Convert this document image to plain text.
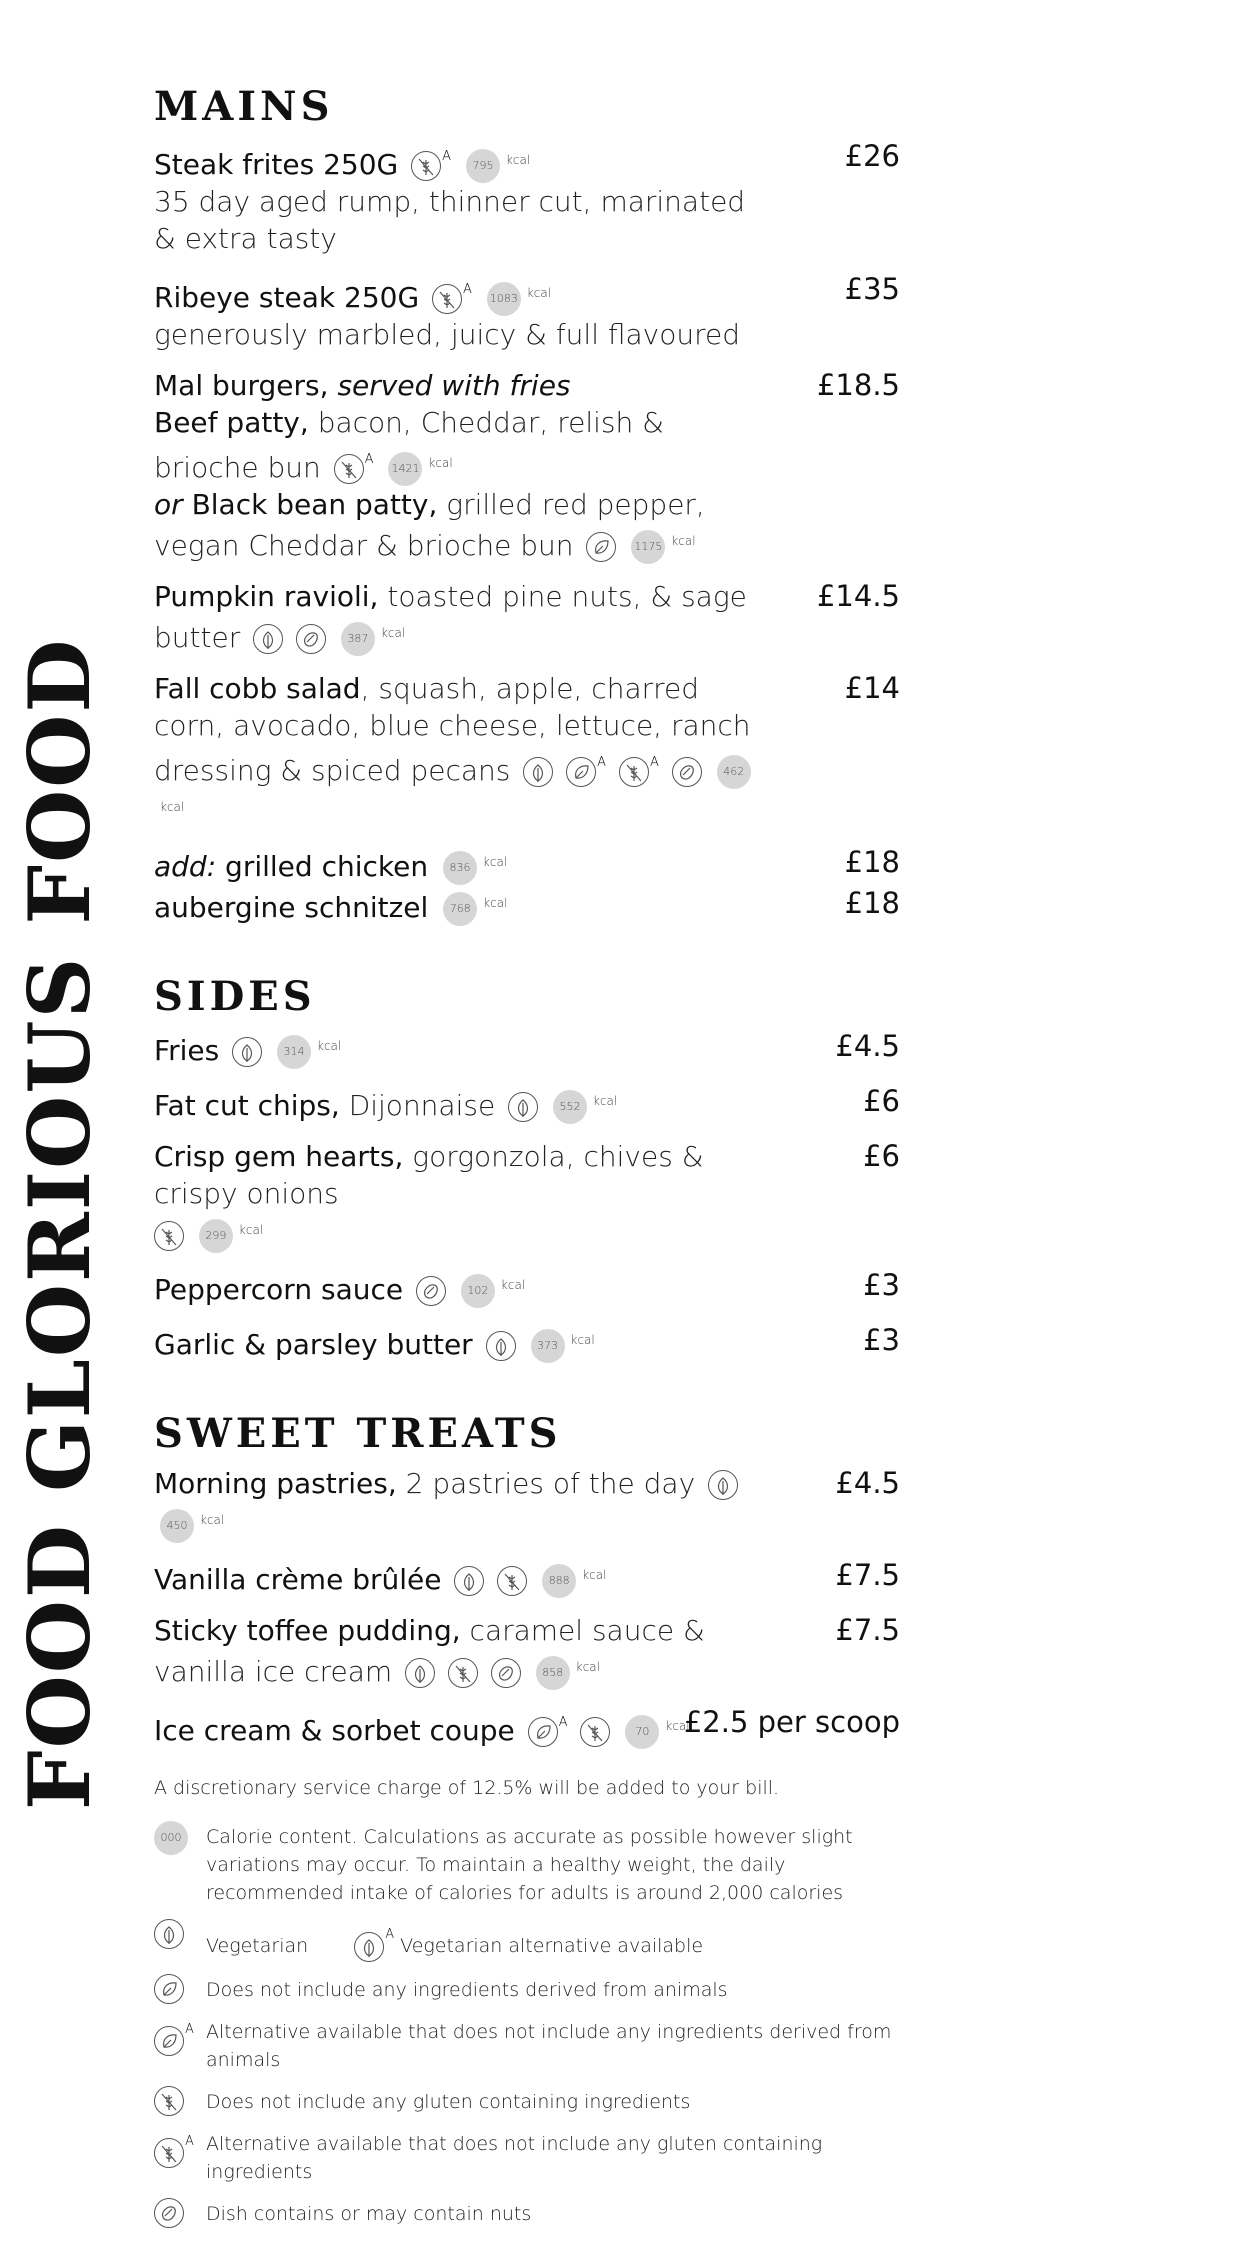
FOOD GLORIOUS FOOD
MAINS
Steak frites 250G	$^A$ 795 $^{kcal}$
35 day aged rump, thinner cut, marinated & extra tasty
£26
Ribeye steak 250G	$^A$ 1083 $^{kcal}$
generously marbled, juicy & full flavoured
£35
Mal burgers, served with fries
Beef patty, bacon, Cheddar, relish & brioche bun	$^A$ 1421 $^{kcal}$
or Black bean patty, grilled red pepper, vegan Cheddar & brioche bun	1175 $^{kcal}$
£18.5
Pumpkin ravioli, toasted pine nuts, & sage butter
	387 $^{kcal}$
£14.5
Fall cobb salad, squash, apple, charred corn, avocado, blue cheese, lettuce, ranch dressing & spiced pecans
	$^A$	$^A$
$462^{kcal}$
£14
add: grilled chicken 836 $^{kcal}$	£18
aubergine schnitzel 768 $^{kcal}$	£18
SIDES
Fries	314 $^{kcal}$	£4.5
Fat cut chips, Dijonnaise	552 $^{kcal}$	£6
Crisp gem hearts, gorgonzola, chives & crispy onions

299 $^{kcal}$
£6
Peppercorn sauce	102 $^{kcal}$	£3
Garlic & parsley butter	373 $^{kcal}$	£3
SWEET TREATS
Morning pastries, 2 pastries of the day
450 $^{kcal}$
£4.5
Vanilla crème brûlée
	888 $^{kcal}$	£7.5
Sticky toffee pudding, caramel sauce & vanilla ice cream

	858 $^{kcal}$
£7.5
Ice cream & sorbet coupe	$^A$
70 $^{kcal}$
£2.5 per scoop
A discretionary service charge of 12.5% will be added to your bill.
000	Calorie content. Calculations as accurate as possible however slight variations may occur. To maintain a healthy weight, the daily recommended intake of calories for adults is around 2,000 calories
Vegetarian
$^A$ Vegetarian alternative available
Does not include any ingredients derived from animals
$^A$ Alternative available that does not include any ingredients derived from animals
Does not include any gluten containing ingredients
$^A$ Alternative available that does not include any gluten containing ingredients
Dish contains or may contain nuts
